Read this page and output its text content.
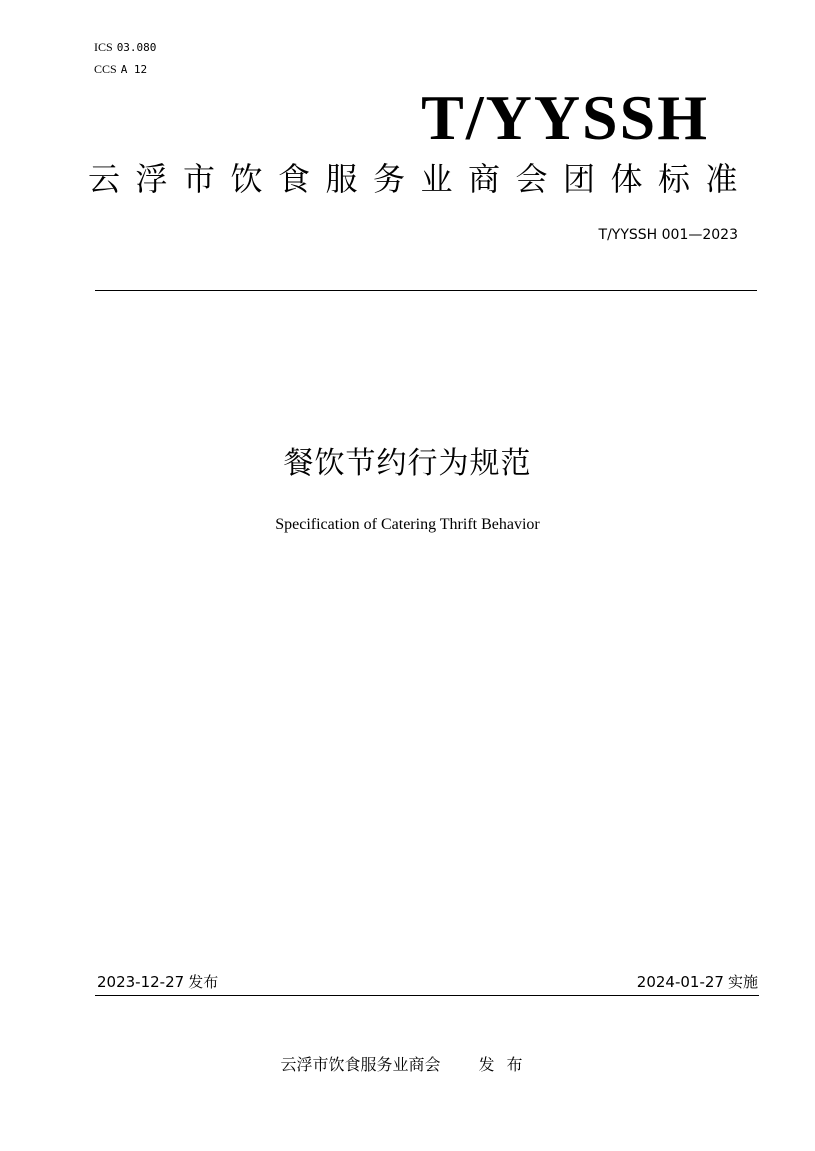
ICS 03.080
CCS A 12
T/YYSSH
云浮市饮食服务业商会团体标准
T/YYSSH 001—2023
餐饮节约行为规范
Specification of Catering Thrift Behavior
2023-12-27 发布	2024-01-27 实施
云浮市饮食服务业商会 发布
